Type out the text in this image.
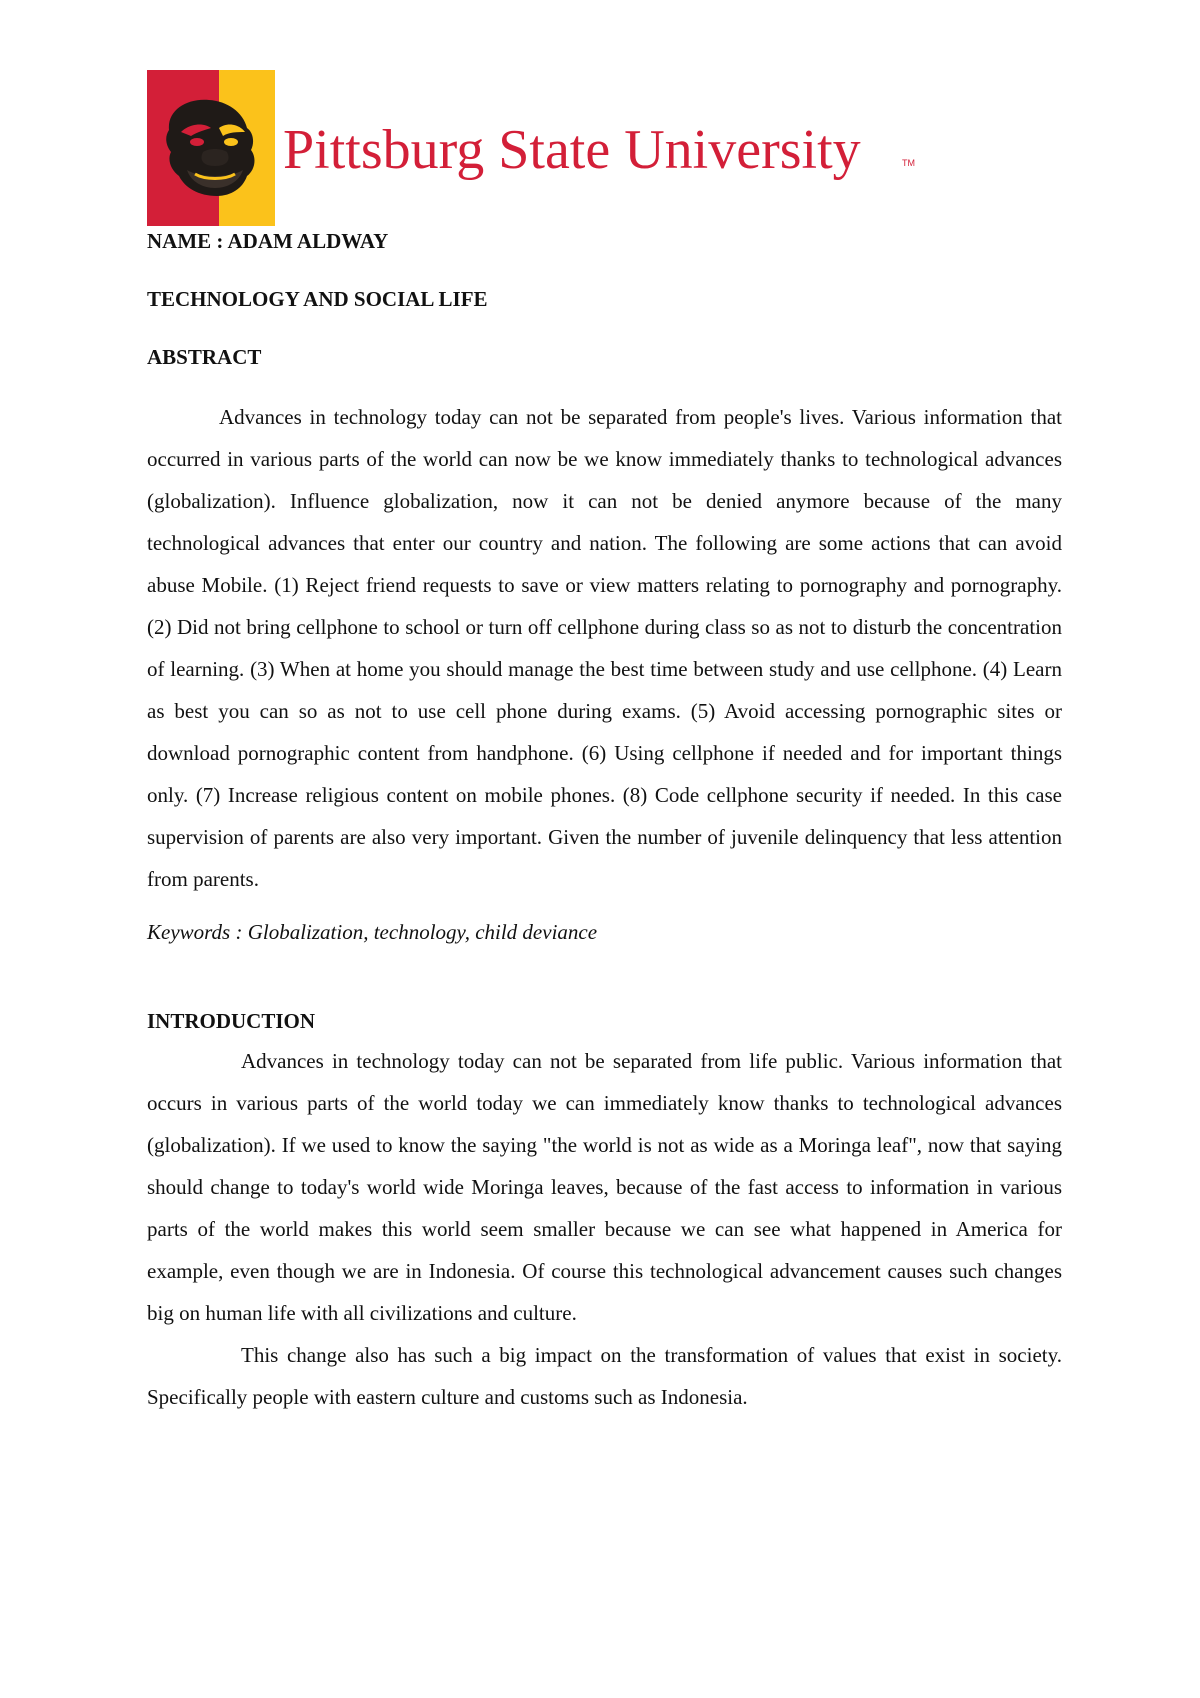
Pittsburg State University	TM

NAME : ADAM ALDWAY

TECHNOLOGY AND SOCIAL LIFE

ABSTRACT

Advances in technology today can not be separated from people's lives. Various information that occurred in various parts of the world can now be we know immediately thanks to technological advances (globalization). Influence globalization, now it can not be denied anymore because of the many technological advances that enter our country and nation. The following are some actions that can avoid abuse Mobile. (1) Reject friend requests to save or view matters relating to pornography and pornography. (2) Did not bring cellphone to school or turn off cellphone during class so as not to disturb the concentration of learning. (3) When at home you should manage the best time between study and use cellphone. (4) Learn as best you can so as not to use cell phone during exams. (5) Avoid accessing pornographic sites or download pornographic content from handphone. (6) Using cellphone if needed and for important things only. (7) Increase religious content on mobile phones. (8) Code cellphone security if needed. In this case supervision of parents are also very important. Given the number of juvenile delinquency that less attention from parents.

Keywords : Globalization, technology, child deviance

INTRODUCTION

Advances in technology today can not be separated from life public. Various information that occurs in various parts of the world today we can immediately know thanks to technological advances (globalization). If we used to know the saying "the world is not as wide as a Moringa leaf", now that saying should change to today's world wide Moringa leaves, because of the fast access to information in various parts of the world makes this world seem smaller because we can see what happened in America for example, even though we are in Indonesia. Of course this technological advancement causes such changes big on human life with all civilizations and culture.

This change also has such a big impact on the transformation of values that exist in society. Specifically people with eastern culture and customs such as Indonesia.
